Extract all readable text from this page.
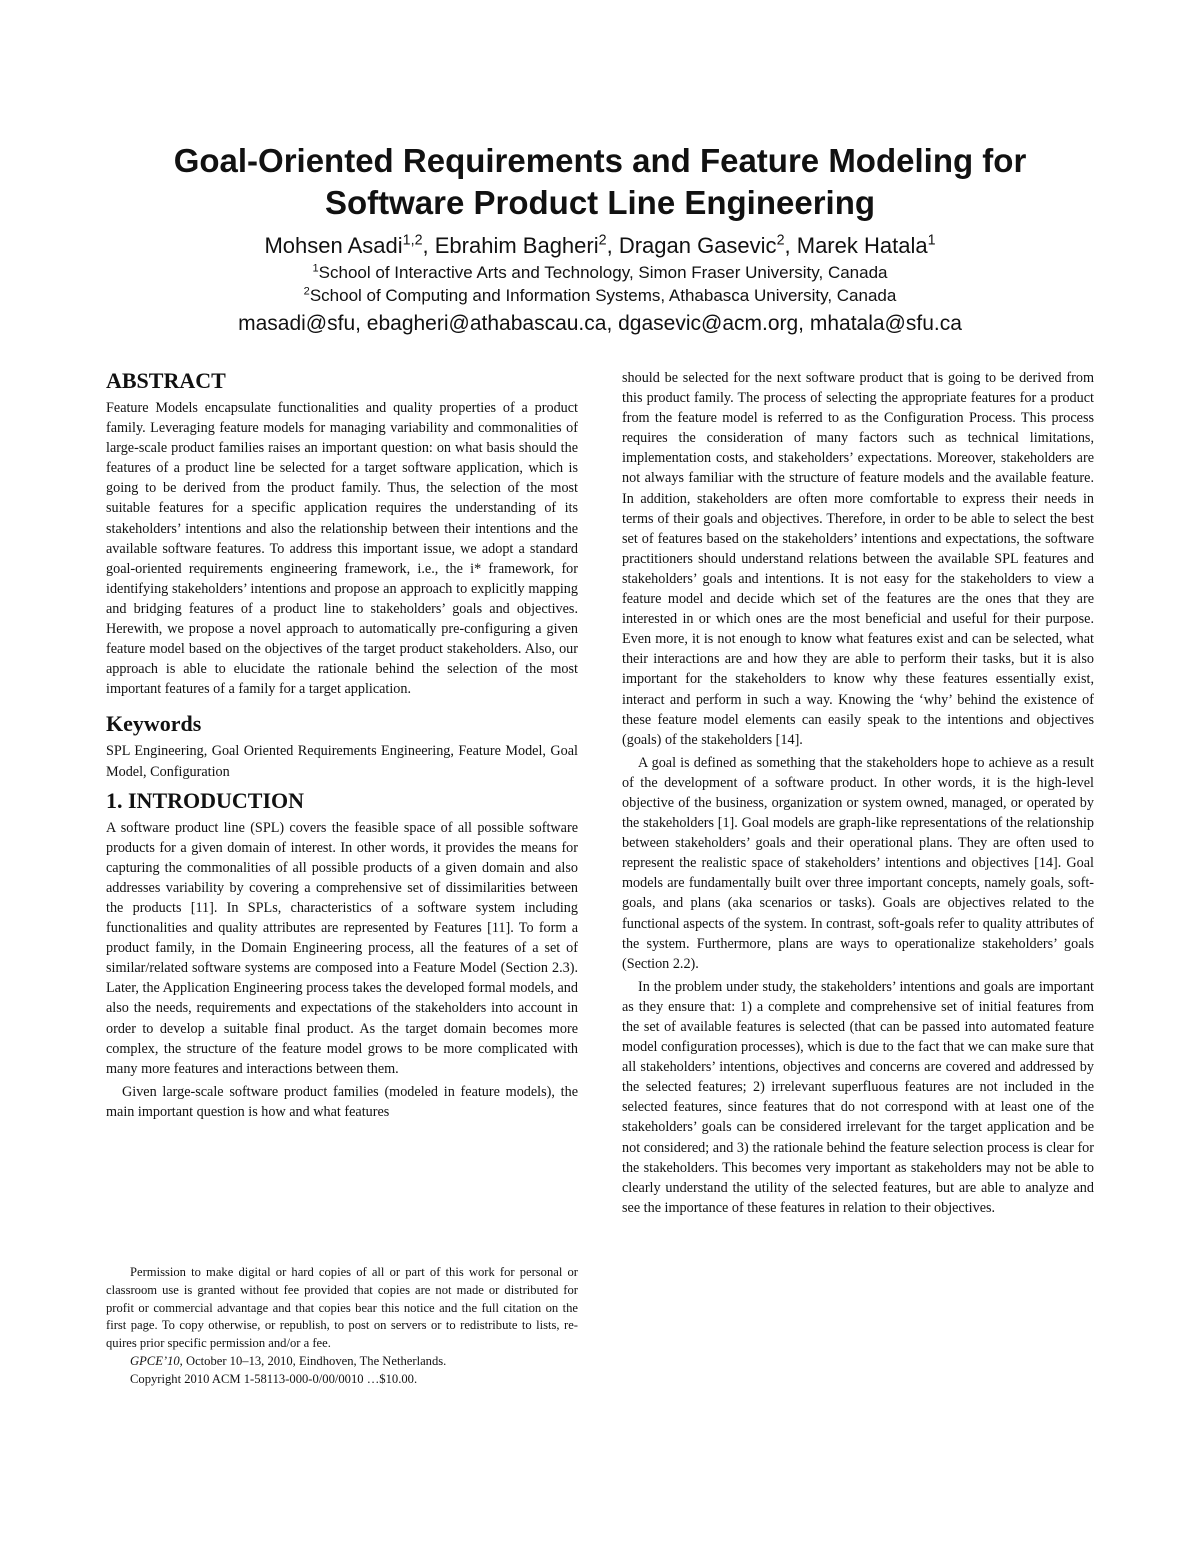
Goal-Oriented Requirements and Feature Modeling for
Software Product Line Engineering
Mohsen Asadi$^{1,2}$, Ebrahim Bagheri$^2$, Dragan Gasevic$^2$, Marek Hatala$^1$
$^1$School of Interactive Arts and Technology, Simon Fraser University, Canada
$^2$School of Computing and Information Systems, Athabasca University, Canada
masadi@sfu, ebagheri@athabascau.ca, dgasevic@acm.org, mhatala@sfu.ca
ABSTRACT

Feature Models encapsulate functionalities and quality properties of a product family. Leveraging feature models for managing variability and commonalities of large-scale product families raises an important question: on what basis should the features of a product line be selected for a target software application, which is going to be derived from the product family. Thus, the selection of the most suitable features for a specific application requires the understanding of its stakeholders’ intentions and also the relationship between their intentions and the available software features. To address this important issue, we adopt a standard goal-oriented requirements engineering framework, i.e., the i* framework, for identifying stakeholders’ intentions and propose an approach to explicitly mapping and bridging features of a product line to stakeholders’ goals and objectives. Herewith, we propose a novel approach to automatically pre-configuring a given feature model based on the objectives of the target product stakeholders. Also, our approach is able to elucidate the rationale behind the selection of the most important features of a family for a target application.

Keywords

SPL Engineering, Goal Oriented Requirements Engineering, Feature Model, Goal Model, Configuration

1. INTRODUCTION

A software product line (SPL) covers the feasible space of all possible software products for a given domain of interest. In other words, it provides the means for capturing the commonalities of all possible products of a given domain and also addresses variability by covering a comprehensive set of dissimilarities between the products [11]. In SPLs, characteristics of a software system including functionalities and quality attributes are represented by Features [11]. To form a product family, in the Domain Engineering process, all the features of a set of similar/related software systems are composed into a Feature Model (Section 2.3). Later, the Application Engineering process takes the developed formal models, and also the needs, requirements and expectations of the stakeholders into account in order to develop a suitable final product. As the target domain becomes more complex, the structure of the feature model grows to be more complicated with many more features and interactions between them.

Given large-scale software product families (modeled in feature models), the main important question is how and what features

should be selected for the next software product that is going to be derived from this product family. The process of selecting the appropriate features for a product from the feature model is referred to as the Configuration Process. This process requires the consideration of many factors such as technical limitations, implementation costs, and stakeholders’ expectations. Moreover, stakeholders are not always familiar with the structure of feature models and the available feature. In addition, stakeholders are often more comfortable to express their needs in terms of their goals and objectives. Therefore, in order to be able to select the best set of features based on the stakeholders’ intentions and expectations, the software practitioners should understand relations between the available SPL features and stakeholders’ goals and intentions. It is not easy for the stakeholders to view a feature model and decide which set of the features are the ones that they are interested in or which ones are the most beneficial and useful for their purpose. Even more, it is not enough to know what features exist and can be selected, what their interactions are and how they are able to perform their tasks, but it is also important for the stakeholders to know why these features essentially exist, interact and perform in such a way. Knowing the ‘why’ behind the existence of these feature model elements can easily speak to the intentions and objectives (goals) of the stakeholders [14].

A goal is defined as something that the stakeholders hope to achieve as a result of the development of a software product. In other words, it is the high-level objective of the business, organization or system owned, managed, or operated by the stakeholders [1]. Goal models are graph-like representations of the relationship between stakeholders’ goals and their operational plans. They are often used to represent the realistic space of stakeholders’ intentions and objectives [14]. Goal models are fundamentally built over three important concepts, namely goals, soft-goals, and plans (aka scenarios or tasks). Goals are objectives related to the functional aspects of the system. In contrast, soft-goals refer to quality attributes of the system. Furthermore, plans are ways to operationalize stakeholders’ goals (Section 2.2).

In the problem under study, the stakeholders’ intentions and goals are important as they ensure that: 1) a complete and comprehensive set of initial features from the set of available features is selected (that can be passed into automated feature model configuration processes), which is due to the fact that we can make sure that all stakeholders’ intentions, objectives and concerns are covered and addressed by the selected features; 2) irrelevant superfluous features are not included in the selected features, since features that do not correspond with at least one of the stakeholders’ goals can be considered irrelevant for the target application and be not considered; and 3) the rationale behind the feature selection process is clear for the stakeholders. This becomes very important as stakeholders may not be able to clearly understand the utility of the selected features, but are able to analyze and see the importance of these features in relation to their objectives.

Permission to make digital or hard copies of all or part of this work for personal or classroom use is granted without fee provided that copies are not made or distributed for profit or commercial advantage and that copies bear this notice and the full citation on the first page. To copy otherwise, or republish, to post on servers or to redistribute to lists, requires prior specific permission and/or a fee.

GPCE’10, October 10–13, 2010, Eindhoven, The Netherlands.

Copyright 2010 ACM 1-58113-000-0/00/0010 …$10.00.
